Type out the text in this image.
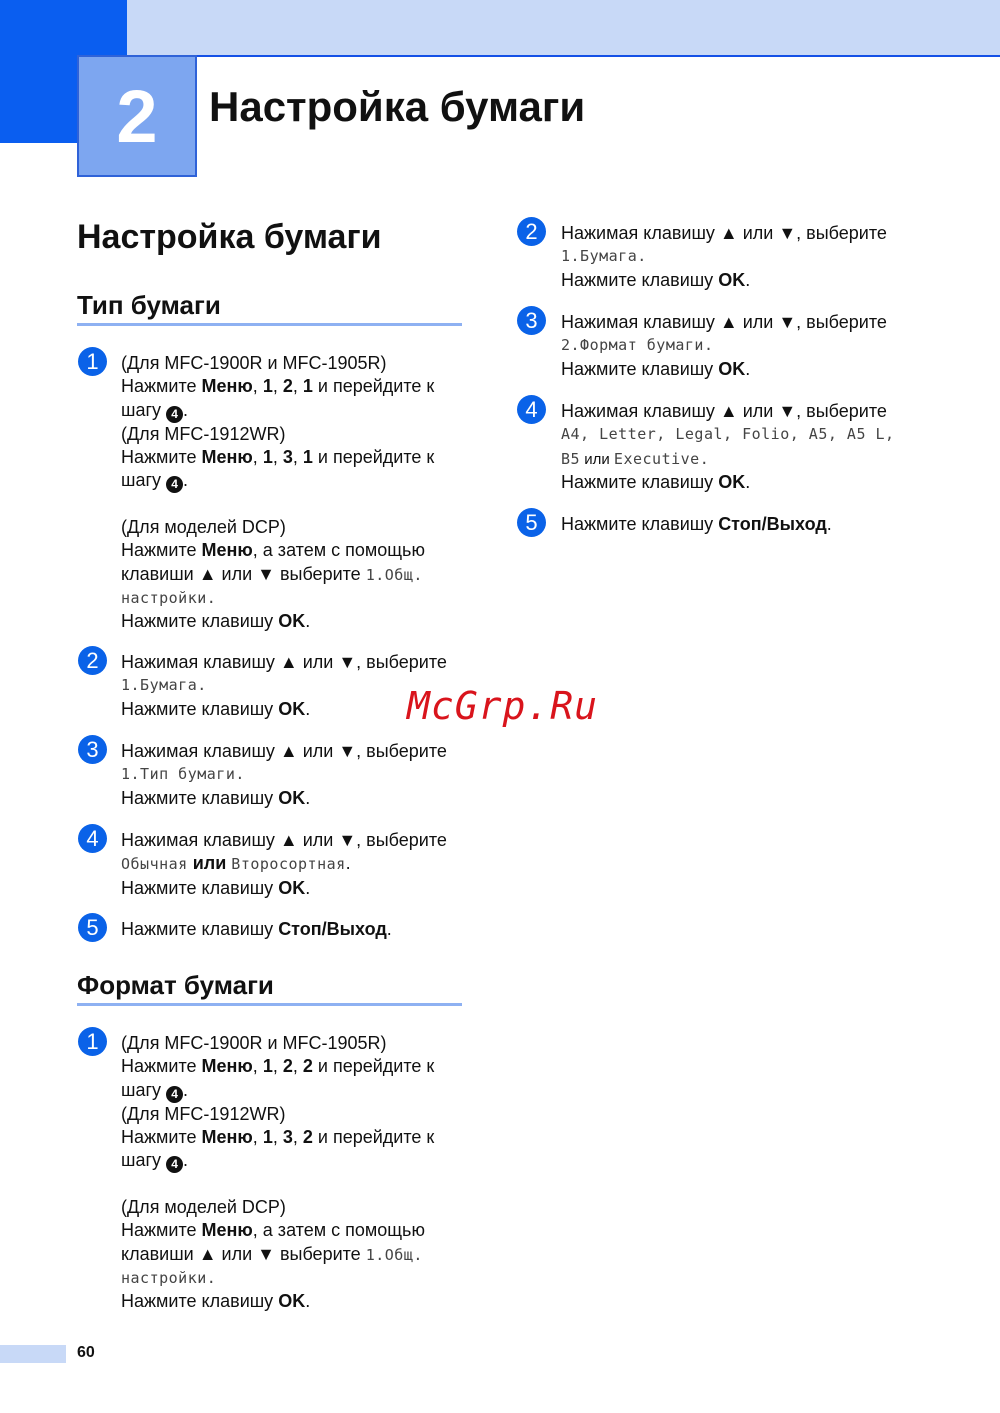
2	Настройка бумаги
Настройка бумаги
Тип бумаги
1	(Для MFC-1900R и MFC-1905R)
Нажмите Меню, 1, 2, 1 и перейдите к
шагу 4 .
(Для MFC-1912WR)
Нажмите Меню, 1, 3, 1 и перейдите к
шагу 4 .
(Для моделей DCP)
Нажмите Меню, а затем с помощью
клавиши ▲ или ▼ выберите 1.Общ.
настройки.
Нажмите клавишу OK.
2	Нажимая клавишу ▲ или ▼, выберите
1.Бумага.
Нажмите клавишу OK.
3	Нажимая клавишу ▲ или ▼, выберите
1.Тип бумаги.
Нажмите клавишу OK.
4	Нажимая клавишу ▲ или ▼, выберите
Обычная или Второсортная.
Нажмите клавишу OK.
5	Нажмите клавишу Стоп/Выход.
Формат бумаги
1	(Для MFC-1900R и MFC-1905R)
Нажмите Меню, 1, 2, 2 и перейдите к
шагу 4 .
(Для MFC-1912WR)
Нажмите Меню, 1, 3, 2 и перейдите к
шагу 4 .
(Для моделей DCP)
Нажмите Меню, а затем с помощью
клавиши ▲ или ▼ выберите 1.Общ.
настройки.
Нажмите клавишу OK.
2	Нажимая клавишу ▲ или ▼, выберите
1.Бумага.
Нажмите клавишу OK.
3	Нажимая клавишу ▲ или ▼, выберите
2.Формат бумаги.
Нажмите клавишу OK.
4	Нажимая клавишу ▲ или ▼, выберите
A4, Letter, Legal, Folio, A5, A5 L,
B5 или Executive.
Нажмите клавишу OK.
5	Нажмите клавишу Стоп/Выход.
McGrp.Ru
60
